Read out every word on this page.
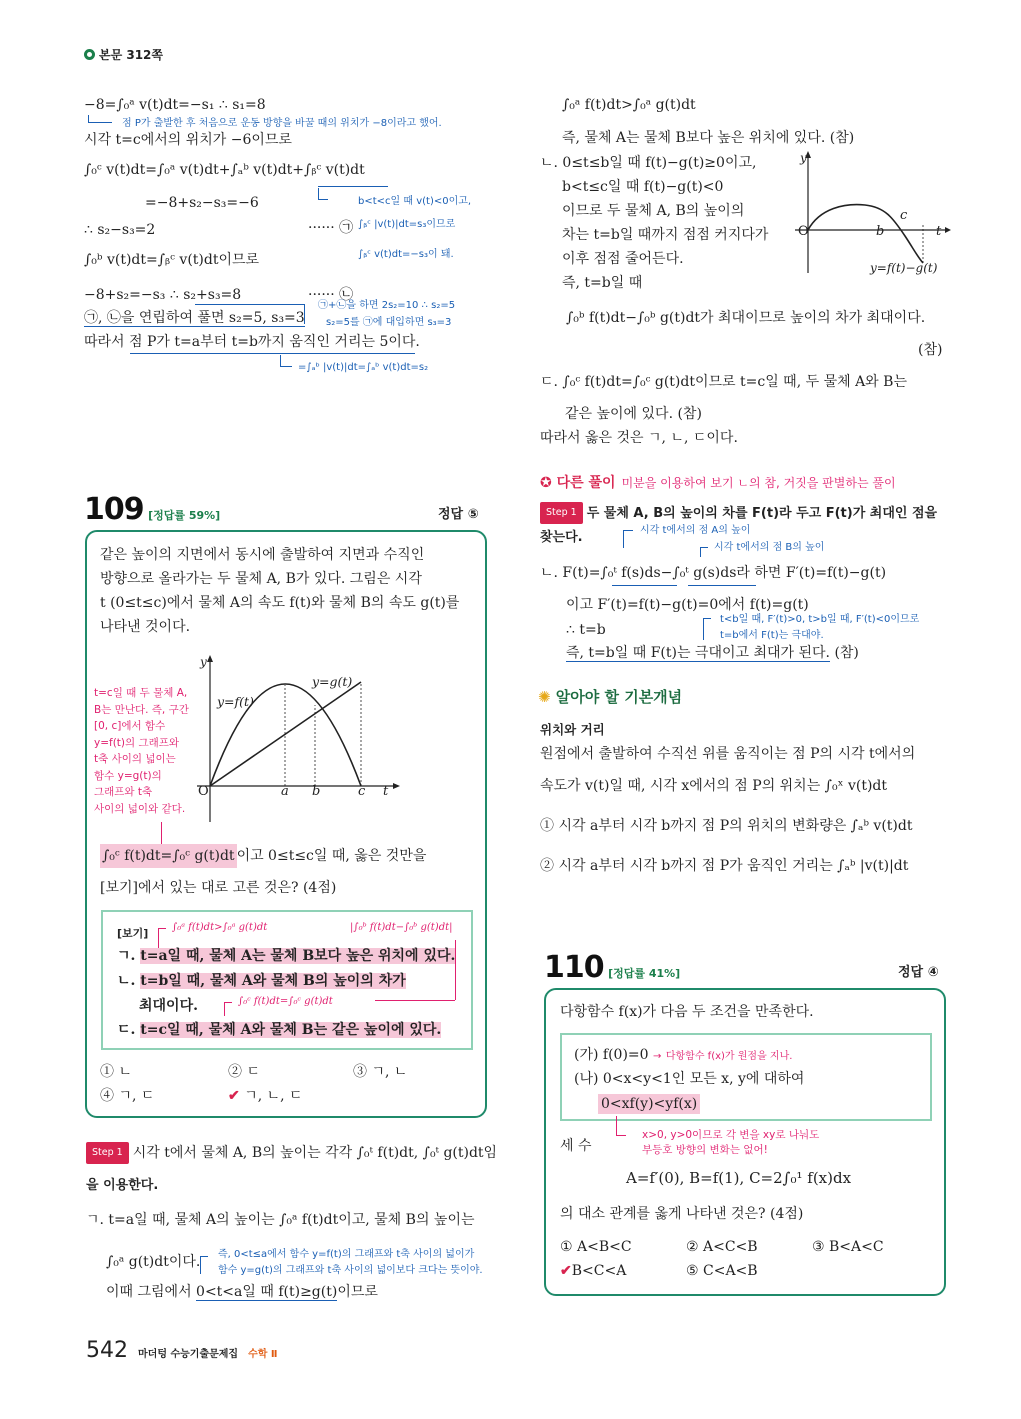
본문 312쪽
−8=∫₀ᵃ v(t)dt=−s₁ ∴ s₁=8
점 P가 출발한 후 처음으로 운동 방향을 바꿀 때의 위치가 −8이라고 했어.
시각 t=c에서의 위치가 −6이므로
∫₀ᶜ v(t)dt=∫₀ᵃ v(t)dt+∫ₐᵇ v(t)dt+∫ᵦᶜ v(t)dt
=−8+s₂−s₃=−6	b<t<c일 때 v(t)<0이고,
∴ s₂−s₃=2	······ ㉠ ∫ᵦᶜ |v(t)|dt=s₃이므로
∫₀ᵇ v(t)dt=∫ᵦᶜ v(t)dt이므로	∫ᵦᶜ v(t)dt=−s₃이 돼.
−8+s₂=−s₃ ∴ s₂+s₃=8	······ ㉡
㉠, ㉡을 연립하여 풀면 s₂=5, s₃=3
㉠+㉡을 하면 2s₂=10 ∴ s₂=5
s₂=5를 ㉠에 대입하면 s₃=3
따라서 점 P가 t=a부터 t=b까지 움직인 거리는 5이다.
=∫ₐᵇ |v(t)|dt=∫ₐᵇ v(t)dt=s₂
∫₀ᵃ f(t)dt>∫₀ᵃ g(t)dt
즉, 물체 A는 물체 B보다 높은 위치에 있다. (참)
ㄴ. 0≤t≤b일 때 f(t)−g(t)≥0이고,
b<t≤c일 때 f(t)−g(t)<0
이므로 두 물체 A, B의 높이의
차는 t=b일 때까지 점점 커지다가
이후 점점 줄어든다.
즉, t=b일 때
∫₀ᵇ f(t)dt−∫₀ᵇ g(t)dt가 최대이므로 높이의 차가 최대이다.
(참)
ㄷ. ∫₀ᶜ f(t)dt=∫₀ᶜ g(t)dt이므로 t=c일 때, 두 물체 A와 B는
같은 높이에 있다. (참)
따라서 옳은 것은 ㄱ, ㄴ, ㄷ이다.
y
O	b
c
t
y=f(t)−g(t)
✪ 다른 풀이 미분을 이용하여 보기 ㄴ의 참, 거짓을 판별하는 풀이
Step 1 두 물체 A, B의 높이의 차를 F(t)라 두고 F(t)가 최대인 점을
찾는다.	시각 t에서의 점 A의 높이
시각 t에서의 점 B의 높이
ㄴ. F(t)=∫₀ᵗ f(s)ds−∫₀ᵗ g(s)ds라 하면 F′(t)=f(t)−g(t)
이고 F′(t)=f(t)−g(t)=0에서 f(t)=g(t)
∴ t=b
t<b일 때, F′(t)>0, t>b일 때, F′(t)<0이므로
t=b에서 F(t)는 극대야.
즉, t=b일 때 F(t)는 극대이고 최대가 된다. (참)
✺ 알아야 할 기본개념
위치와 거리
원점에서 출발하여 수직선 위를 움직이는 점 P의 시각 t에서의
속도가 v(t)일 때, 시각 x에서의 점 P의 위치는 ∫₀ˣ v(t)dt
① 시각 a부터 시각 b까지 점 P의 위치의 변화량은 ∫ₐᵇ v(t)dt
② 시각 a부터 시각 b까지 점 P가 움직인 거리는 ∫ₐᵇ |v(t)|dt
109 [정답률 59%]	정답 ⑤
같은 높이의 지면에서 동시에 출발하여 지면과 수직인
방향으로 올라가는 두 물체 A, B가 있다. 그림은 시각
t (0≤t≤c)에서 물체 A의 속도 f(t)와 물체 B의 속도 g(t)를
나타낸 것이다.
t=c일 때 두 물체 A,
B는 만난다. 즉, 구간
[0, c]에서 함수
y=f(t)의 그래프와
t축 사이의 넓이는
함수 y=g(t)의
그래프와 t축
사이의 넓이와 같다.
y
y=f(t)
y=g(t)
O	a b	c t
∫₀ᶜ f(t)dt=∫₀ᶜ g(t)dt 이고 0≤t≤c일 때, 옳은 것만을
[보기]에서 있는 대로 고른 것은? (4점)
[보기] ∫₀ᵃ f(t)dt>∫₀ᵃ g(t)dt	|∫₀ᵇ f(t)dt−∫₀ᵇ g(t)dt|
ㄱ. t=a일 때, 물체 A는 물체 B보다 높은 위치에 있다.
ㄴ. t=b일 때, 물체 A와 물체 B의 높이의 차가
최대이다.	∫₀ᶜ f(t)dt=∫₀ᶜ g(t)dt
ㄷ. t=c일 때, 물체 A와 물체 B는 같은 높이에 있다.
① ㄴ	② ㄷ	③ ㄱ, ㄴ
④ ㄱ, ㄷ	✔ ㄱ, ㄴ, ㄷ
Step 1 시각 t에서 물체 A, B의 높이는 각각 ∫₀ᵗ f(t)dt, ∫₀ᵗ g(t)dt임
을 이용한다.
ㄱ. t=a일 때, 물체 A의 높이는 ∫₀ᵃ f(t)dt이고, 물체 B의 높이는
∫₀ᵃ g(t)dt이다. 즉, 0<t≤a에서 함수 y=f(t)의 그래프와 t축 사이의 넓이가
함수 y=g(t)의 그래프와 t축 사이의 넓이보다 크다는 뜻이야.
이때 그림에서 0<t<a일 때 f(t)≥g(t)이므로
110 [정답률 41%]	정답 ④
다항함수 f(x)가 다음 두 조건을 만족한다.
(가) f(0)=0 → 다항함수 f(x)가 원점을 지나.
(나) 0<x<y<1인 모든 x, y에 대하여
0<xf(y)<yf(x)
x>0, y>0이므로 각 변을 xy로 나눠도
부등호 방향의 변화는 없어!
세 수
A=f′(0), B=f(1), C=2∫₀¹ f(x)dx
의 대소 관계를 옳게 나타낸 것은? (4점)
① A<B<C	② A<C<B	③ B<A<C
✔B<C<A	⑤ C<A<B
542 마더텅 수능기출문제집 수학 Ⅱ
